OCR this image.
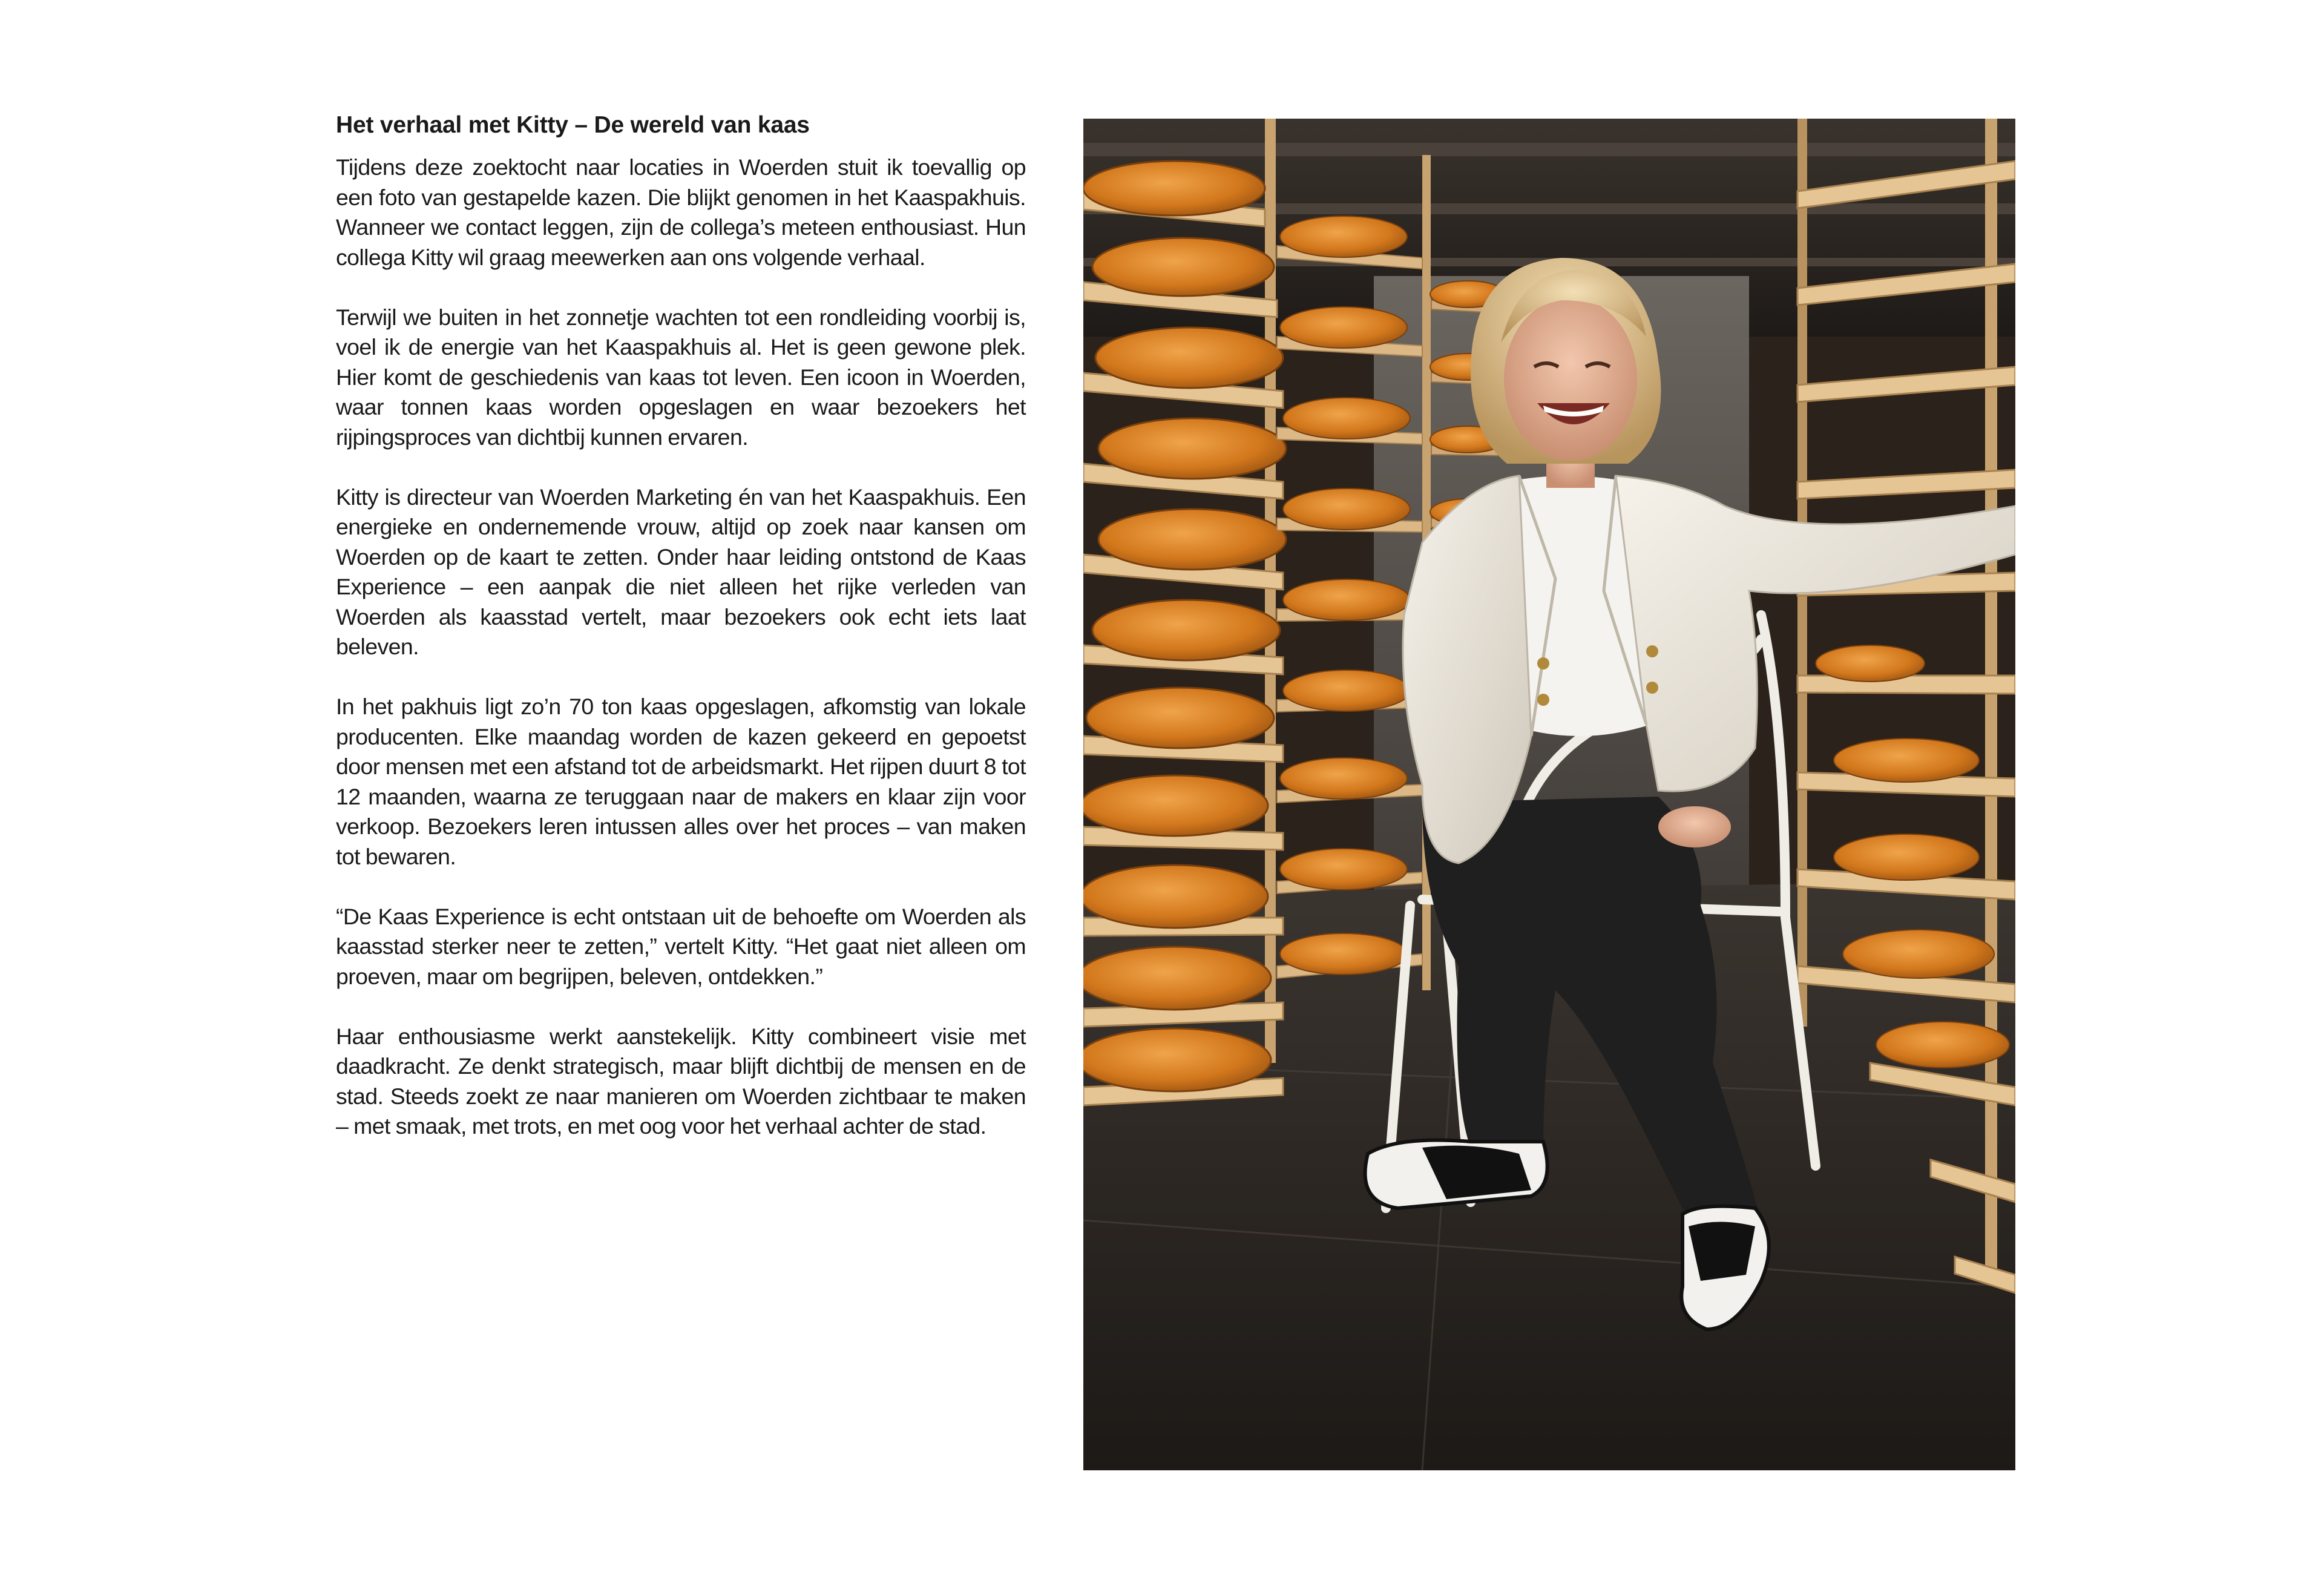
Het verhaal met Kitty – De wereld van kaas

Tijdens deze zoektocht naar locaties in Woerden stuit ik toevallig op een foto van gestapelde kazen. Die blijkt genomen in het Kaaspakhuis. Wanneer we contact leggen, zijn de collega’s meteen enthousiast. Hun collega Kitty wil graag meewerken aan ons volgende verhaal.

Terwijl we buiten in het zonnetje wachten tot een rondleiding voorbij is, voel ik de energie van het Kaaspakhuis al. Het is geen gewone plek. Hier komt de geschiedenis van kaas tot leven. Een icoon in Woerden, waar tonnen kaas worden opgeslagen en waar bezoekers het rijpingsproces van dichtbij kunnen ervaren.

Kitty is directeur van Woerden Marketing én van het Kaaspakhuis. Een energieke en ondernemende vrouw, altijd op zoek naar kansen om Woerden op de kaart te zetten. Onder haar leiding ontstond de Kaas Experience – een aanpak die niet alleen het rijke verleden van Woerden als kaasstad vertelt, maar bezoekers ook echt iets laat beleven.

In het pakhuis ligt zo’n 70 ton kaas opgeslagen, afkomstig van lokale producenten. Elke maandag worden de kazen gekeerd en gepoetst door mensen met een afstand tot de arbeidsmarkt. Het rijpen duurt 8 tot 12 maanden, waarna ze teruggaan naar de makers en klaar zijn voor verkoop. Bezoekers leren intussen alles over het proces – van maken tot bewaren.

“De Kaas Experience is echt ontstaan uit de behoefte om Woerden als kaasstad sterker neer te zetten,” vertelt Kitty. “Het gaat niet alleen om proeven, maar om begrijpen, beleven, ontdekken.”

Haar enthousiasme werkt aanstekelijk. Kitty combineert visie met daadkracht. Ze denkt strategisch, maar blijft dichtbij de mensen en de stad. Steeds zoekt ze naar manieren om Woerden zichtbaar te maken – met smaak, met trots, en met oog voor het verhaal achter de stad.
